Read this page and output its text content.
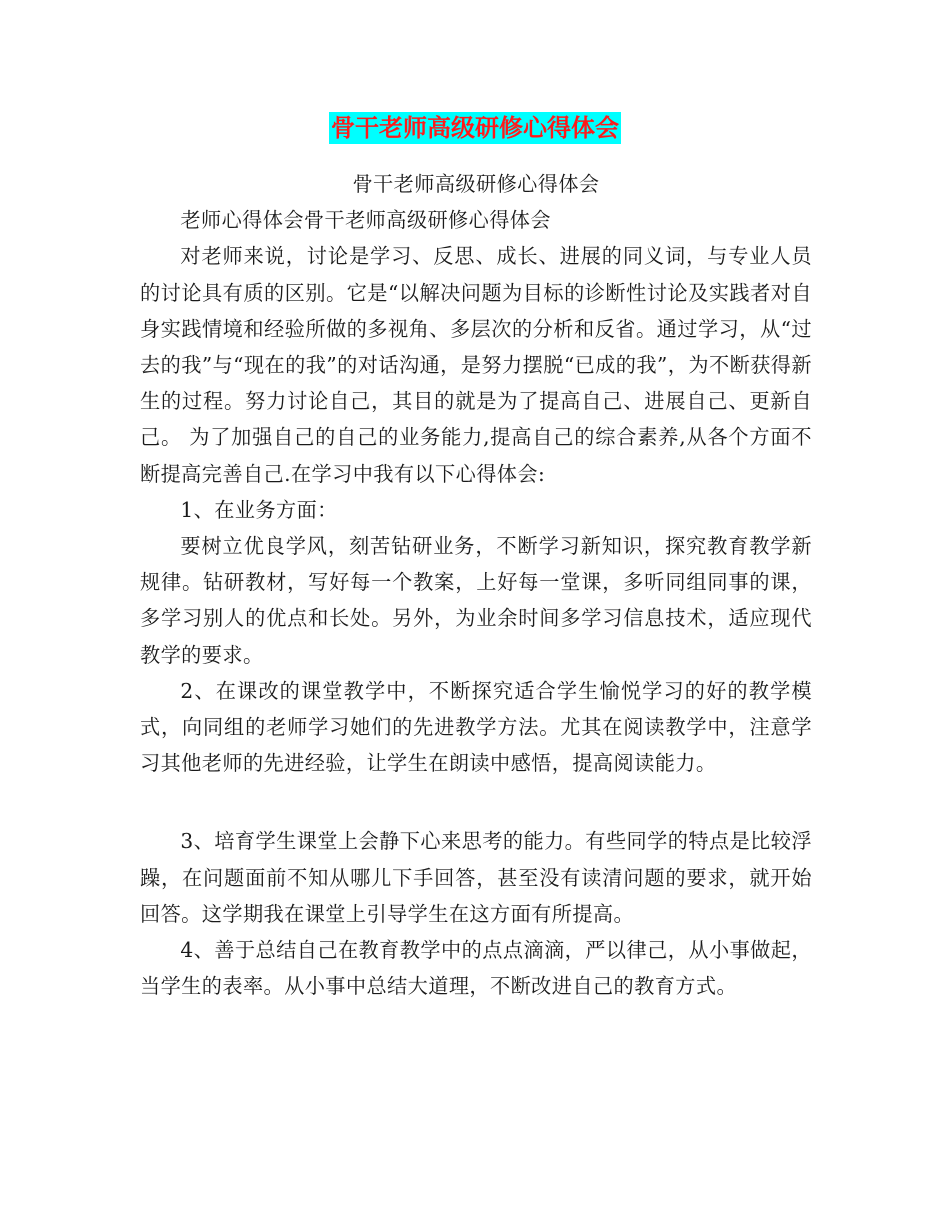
骨干老师高级研修心得体会

骨干老师高级研修心得体会

老师心得体会骨干老师高级研修心得体会

对老师来说，讨论是学习、反思、成长、进展的同义词，与专业人员的讨论具有质的区别。它是“以解决问题为目标的诊断性讨论及实践者对自身实践情境和经验所做的多视角、多层次的分析和反省。通过学习，从“过去的我”与“现在的我”的对话沟通，是努力摆脱“已成的我”，为不断获得新生的过程。努力讨论自己，其目的就是为了提高自己、进展自己、更新自己。 为了加强自己的自己的业务能力,提高自己的综合素养,从各个方面不断提高完善自己.在学习中我有以下心得体会:

1、在业务方面：

要树立优良学风，刻苦钻研业务，不断学习新知识，探究教育教学新规律。钻研教材，写好每一个教案，上好每一堂课，多听同组同事的课，多学习别人的优点和长处。另外，为业余时间多学习信息技术，适应现代教学的要求。

2、在课改的课堂教学中，不断探究适合学生愉悦学习的好的教学模式，向同组的老师学习她们的先进教学方法。尤其在阅读教学中，注意学习其他老师的先进经验，让学生在朗读中感悟，提高阅读能力。

3、培育学生课堂上会静下心来思考的能力。有些同学的特点是比较浮躁，在问题面前不知从哪儿下手回答，甚至没有读清问题的要求，就开始回答。这学期我在课堂上引导学生在这方面有所提高。

4、善于总结自己在教育教学中的点点滴滴，严以律己，从小事做起，当学生的表率。从小事中总结大道理，不断改进自己的教育方式。
